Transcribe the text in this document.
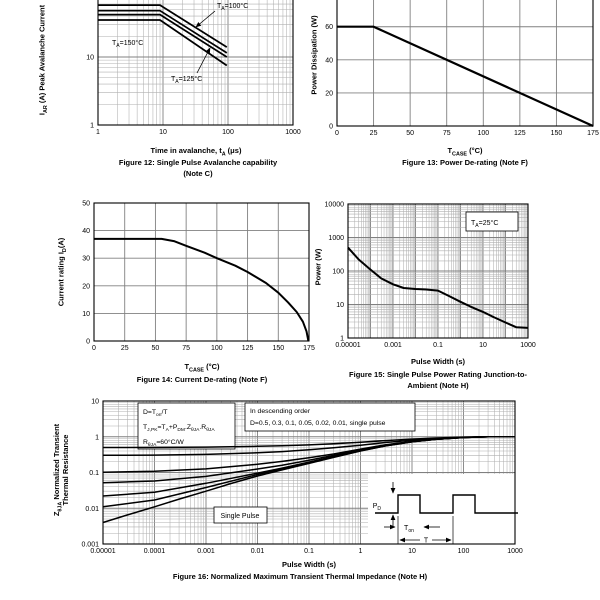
$T_A=150^\circ C$
$T_A=100^\circ C$
$T_A=125^\circ C$
1	10	100	1000
1
10
0	25	50	75	100	125	150	175
0
20
40
60
0	25	50	75	100	125	150	175
0
10
20
30
40
50
$T_A=25^\circ C$
0.00001	0.001	0.1	10	1000
1
10
100
1000
10000
$P_D$
$T_{on}$
T
$D=T_{on}/T$
$T_{J,PK}=T_A+P_{DM}.Z_{\theta JA}.R_{\theta JA}$
$R_{\theta JA}=60^\circ C/W$
In descending order
D=0.5, 0.3, 0.1, 0.05, 0.02, 0.01, single pulse
Single Pulse
0.00001	0.0001	0.001	0.01	0.1	1	10	100	1000
0.001
0.01
0.1
1
10
$I_{AR}$ (A) Peak Avalanche Current
Time in avalanche, $t_A$ (μs)
Figure 12: Single Pulse Avalanche capability
(Note C)
Power Dissipation (W)
$T_{CASE}$ (°C)
Figure 13: Power De-rating (Note F)
Current rating $I_D(A)$
$T_{CASE}$ (°C)
Figure 14: Current De-rating (Note F)
Power (W)
Pulse Width (s)
Figure 15: Single Pulse Power Rating Junction-to-
Ambient (Note H)
$Z_{\theta JA}$ Normalized Transient Thermal Resistance
Pulse Width (s)
Figure 16: Normalized Maximum Transient Thermal Impedance (Note H)
